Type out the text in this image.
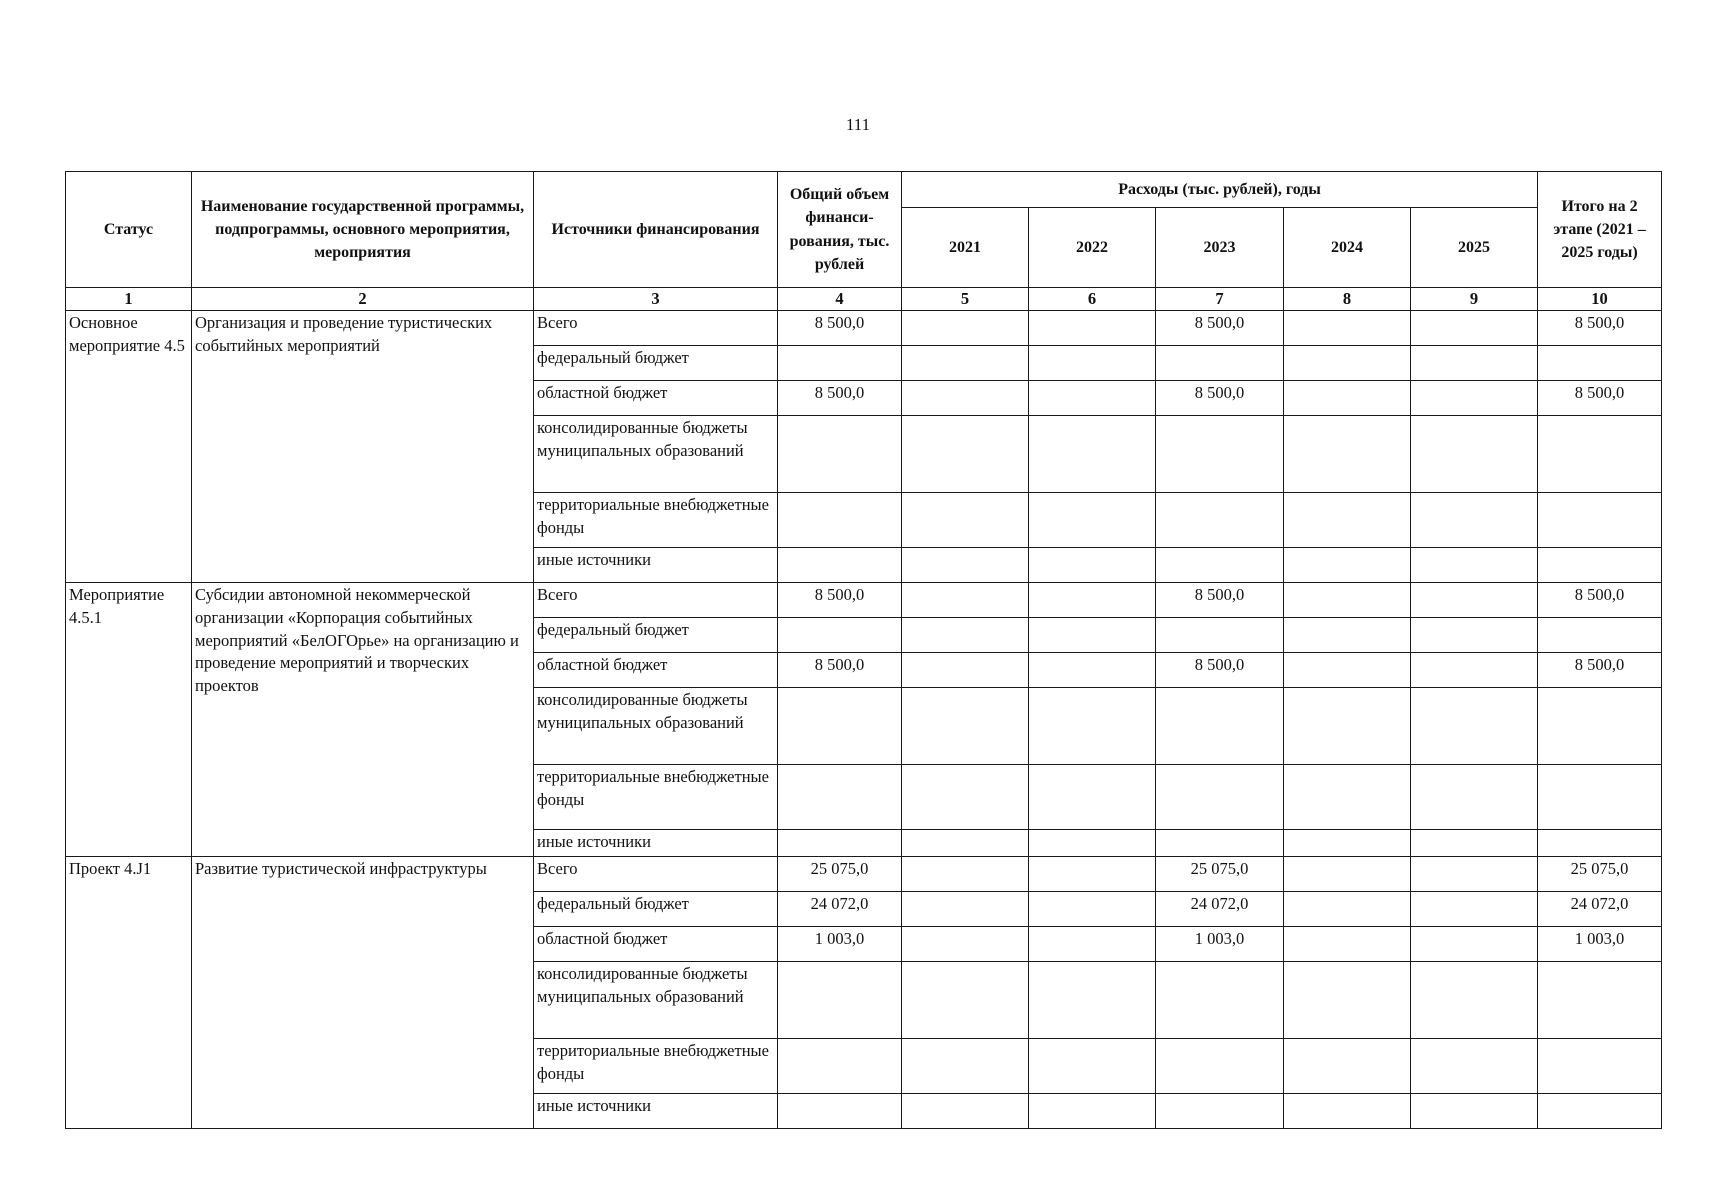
111
Статус	Наименование государственной программы, подпрограммы, основного мероприятия, мероприятия	Источники финансирования	Общий объем финанси-рования, тыс. рублей	Расходы (тыс. рублей), годы					Итого на 2 этапе (2021 – 2025 годы)
				2021	2022	2023	2024	2025	
1	2	3	4	5	6	7	8	9	10
Основное мероприятие 4.5	Организация и проведение туристических событийных мероприятий	Всего	8 500,0			8 500,0			8 500,0
		федеральный бюджет							
		областной бюджет	8 500,0			8 500,0			8 500,0
		консолидированные бюджеты муниципальных образований							
		территориальные внебюджетные фонды							
		иные источники							
Мероприятие 4.5.1	Субсидии автономной некоммерческой организации «Корпорация событийных мероприятий «БелОГОрье» на организацию и проведение мероприятий и творческих проектов	Всего	8 500,0			8 500,0			8 500,0
		федеральный бюджет							
		областной бюджет	8 500,0			8 500,0			8 500,0
		консолидированные бюджеты муниципальных образований							
		территориальные внебюджетные фонды							
		иные источники							
Проект 4.J1	Развитие туристической инфраструктуры	Всего	25 075,0			25 075,0			25 075,0
		федеральный бюджет	24 072,0			24 072,0			24 072,0
		областной бюджет	1 003,0			1 003,0			1 003,0
		консолидированные бюджеты муниципальных образований							
		территориальные внебюджетные фонды							
		иные источники							
